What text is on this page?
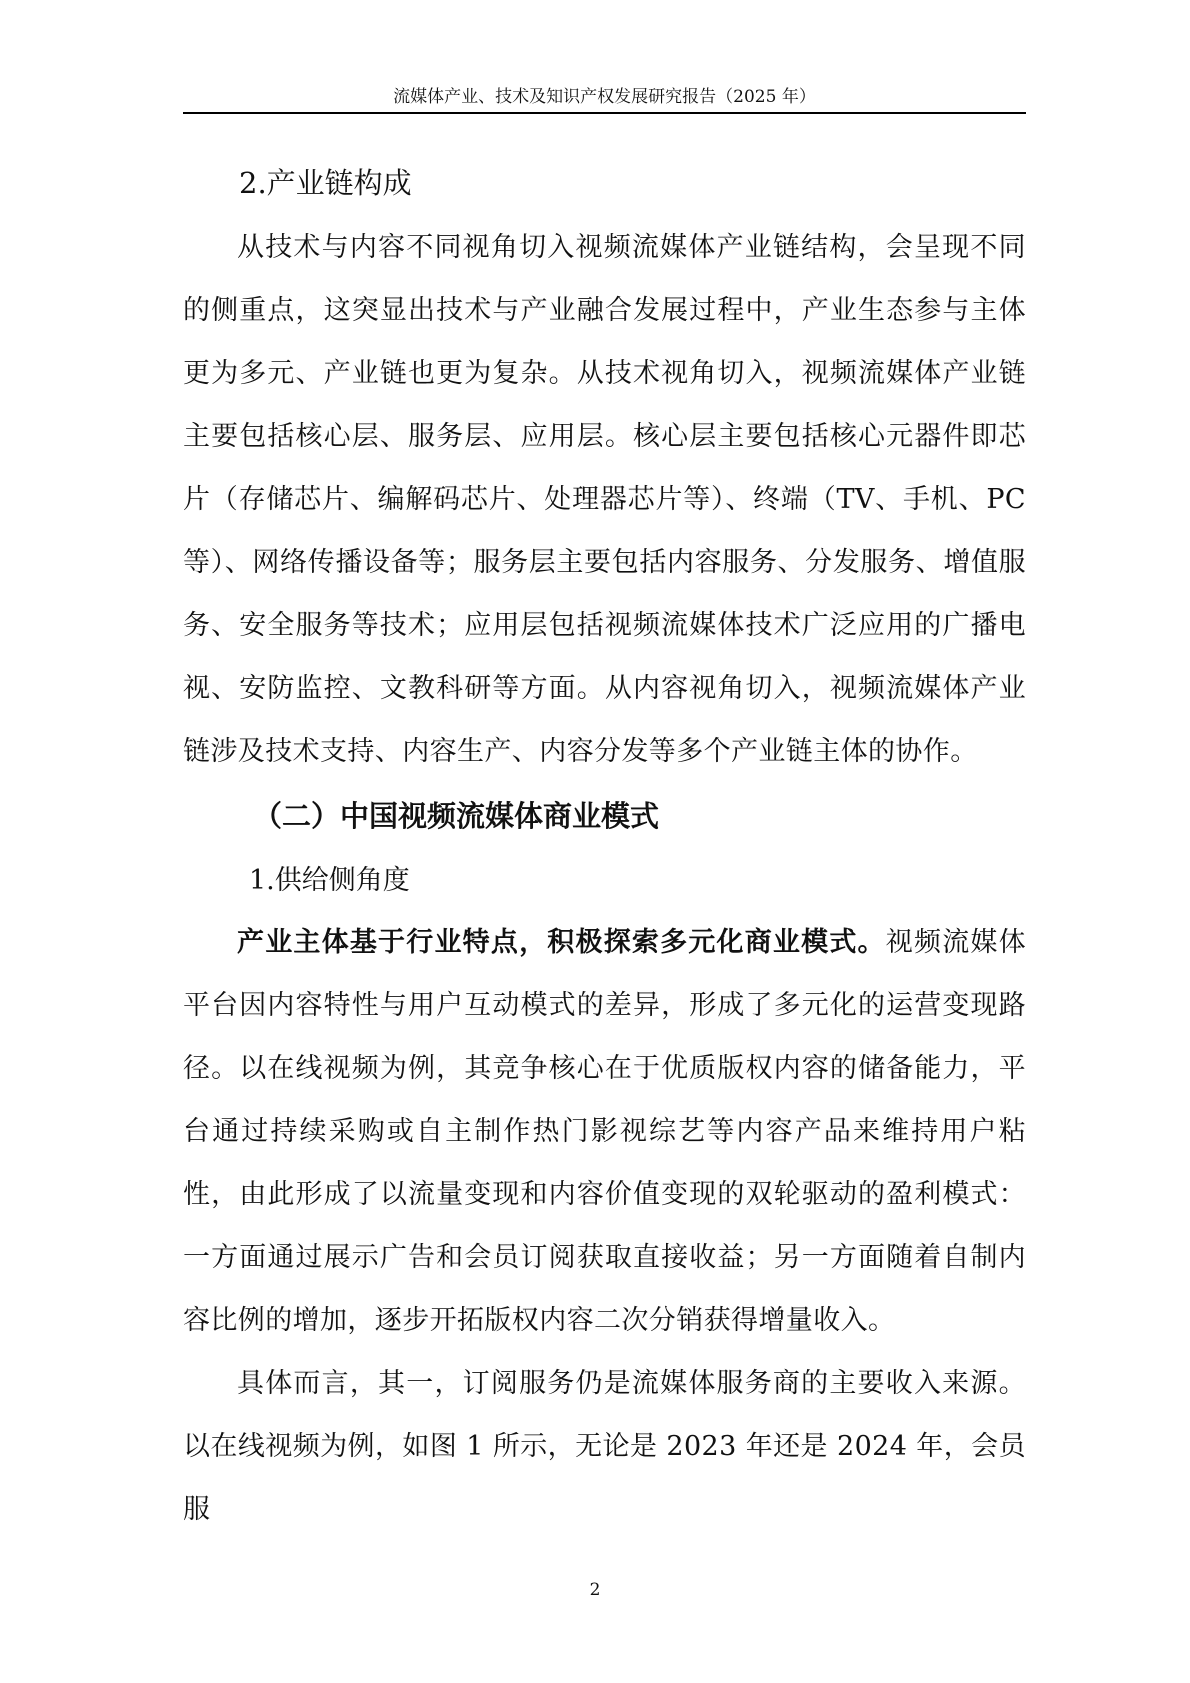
流媒体产业、技术及知识产权发展研究报告（2025 年）

2.产业链构成

从技术与内容不同视角切入视频流媒体产业链结构，会呈现不同的侧重点，这突显出技术与产业融合发展过程中，产业生态参与主体更为多元、产业链也更为复杂。从技术视角切入，视频流媒体产业链主要包括核心层、服务层、应用层。核心层主要包括核心元器件即芯片（存储芯片、编解码芯片、处理器芯片等）、终端（TV、手机、PC 等）、网络传播设备等；服务层主要包括内容服务、分发服务、增值服务、安全服务等技术；应用层包括视频流媒体技术广泛应用的广播电视、安防监控、文教科研等方面。从内容视角切入，视频流媒体产业链涉及技术支持、内容生产、内容分发等多个产业链主体的协作。

（二）中国视频流媒体商业模式

1.供给侧角度

产业主体基于行业特点，积极探索多元化商业模式。视频流媒体平台因内容特性与用户互动模式的差异，形成了多元化的运营变现路径。以在线视频为例，其竞争核心在于优质版权内容的储备能力，平台通过持续采购或自主制作热门影视综艺等内容产品来维持用户粘性，由此形成了以流量变现和内容价值变现的双轮驱动的盈利模式：一方面通过展示广告和会员订阅获取直接收益；另一方面随着自制内容比例的增加，逐步开拓版权内容二次分销获得增量收入。

具体而言，其一，订阅服务仍是流媒体服务商的主要收入来源。以在线视频为例，如图 1 所示，无论是 2023 年还是 2024 年，会员服

2
